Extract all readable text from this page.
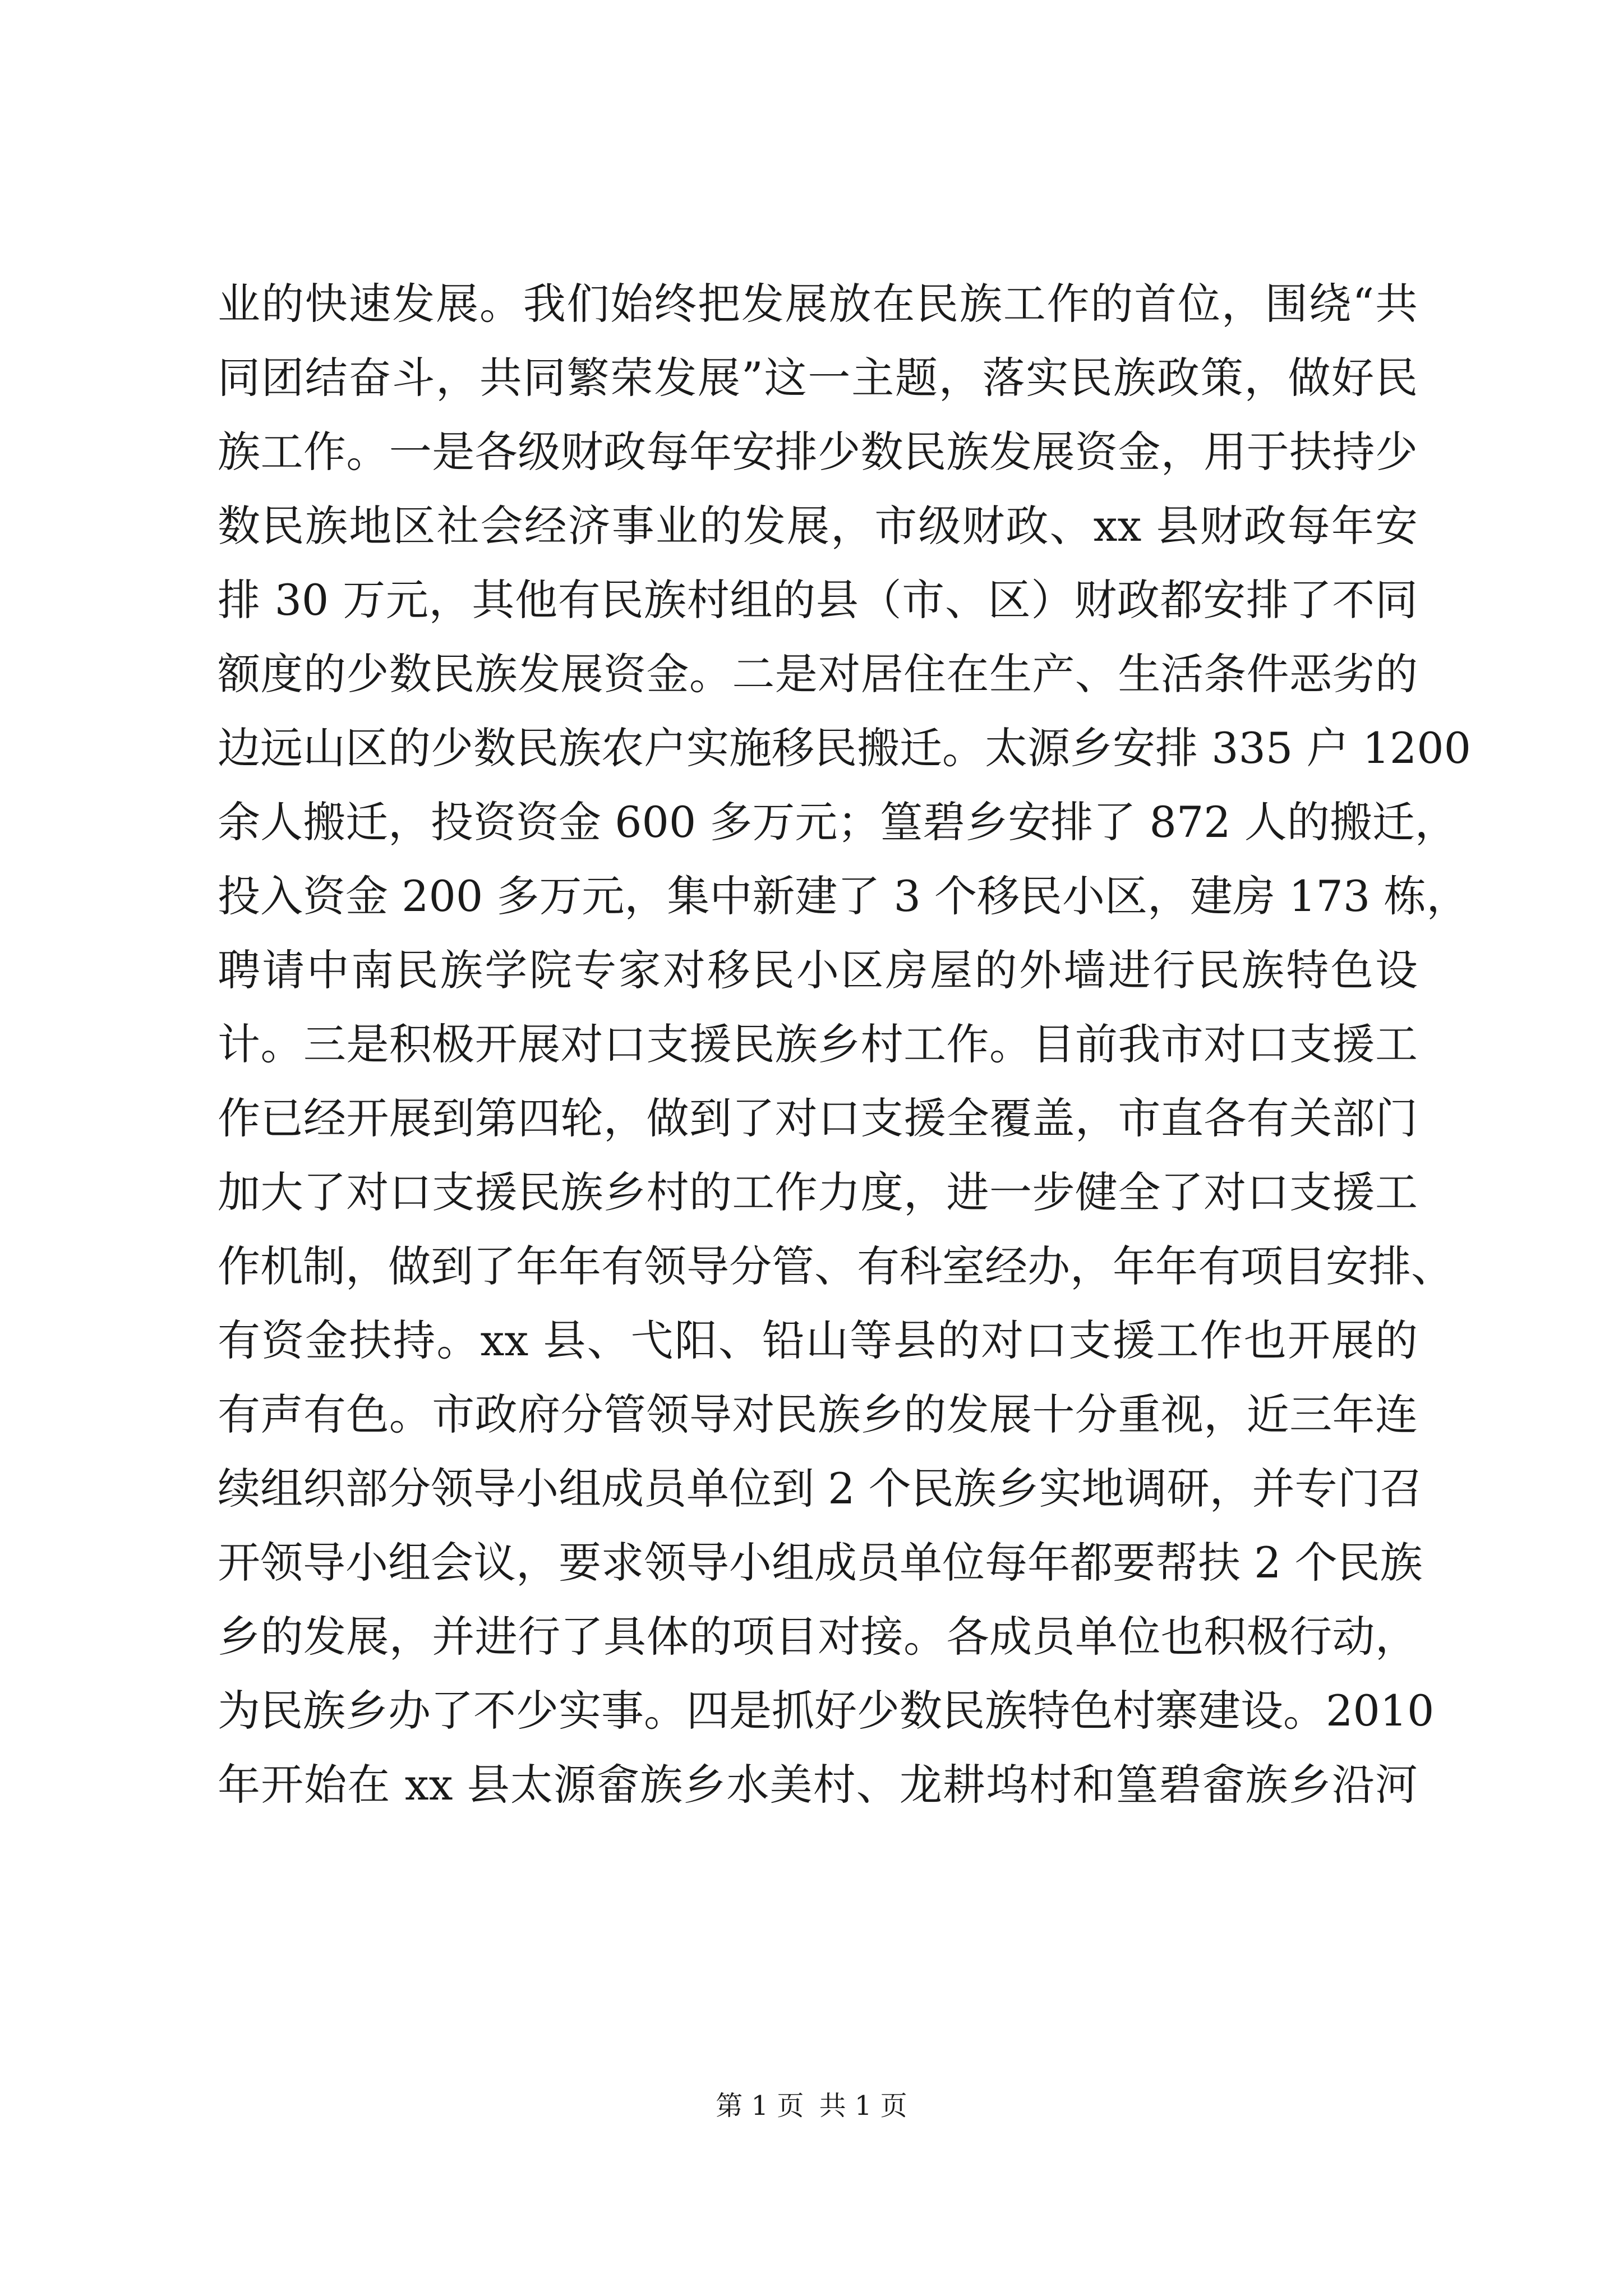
业的快速发展。我们始终把发展放在民族工作的首位，围绕“共
同团结奋斗，共同繁荣发展”这一主题，落实民族政策，做好民
族工作。一是各级财政每年安排少数民族发展资金，用于扶持少
数民族地区社会经济事业的发展，市级财政、xx 县财政每年安
排 30 万元，其他有民族村组的县（市、区）财政都安排了不同
额度的少数民族发展资金。二是对居住在生产、生活条件恶劣的
边远山区的少数民族农户实施移民搬迁。太源乡安排 335 户 1200
余人搬迁，投资资金 600 多万元；篁碧乡安排了 872 人的搬迁，
投入资金 200 多万元，集中新建了 3 个移民小区，建房 173 栋，
聘请中南民族学院专家对移民小区房屋的外墙进行民族特色设
计。三是积极开展对口支援民族乡村工作。目前我市对口支援工
作已经开展到第四轮，做到了对口支援全覆盖，市直各有关部门
加大了对口支援民族乡村的工作力度，进一步健全了对口支援工
作机制，做到了年年有领导分管、有科室经办，年年有项目安排、
有资金扶持。xx 县、弋阳、铅山等县的对口支援工作也开展的
有声有色。市政府分管领导对民族乡的发展十分重视，近三年连
续组织部分领导小组成员单位到 2 个民族乡实地调研，并专门召
开领导小组会议，要求领导小组成员单位每年都要帮扶 2 个民族
乡的发展，并进行了具体的项目对接。各成员单位也积极行动，
为民族乡办了不少实事。四是抓好少数民族特色村寨建设。2010
年开始在 xx 县太源畲族乡水美村、龙耕坞村和篁碧畲族乡沿河
第 1 页 共 1 页
